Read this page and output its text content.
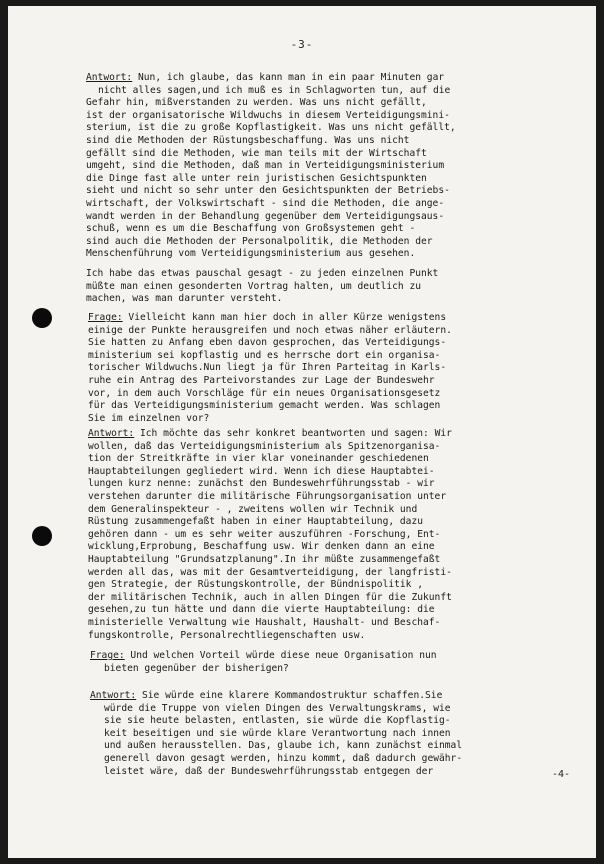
-3-
Antwort: Nun, ich glaube, das kann man in ein paar Minuten gar
nicht alles sagen,und ich muß es in Schlagworten tun, auf die
Gefahr hin, mißverstanden zu werden. Was uns nicht gefällt,
ist der organisatorische Wildwuchs in diesem Verteidigungsmini-
sterium, ist die zu große Kopflastigkeit. Was uns nicht gefällt,
sind die Methoden der Rüstungsbeschaffung. Was uns nicht
gefällt sind die Methoden, wie man teils mit der Wirtschaft
umgeht, sind die Methoden, daß man in Verteidigungsministerium
die Dinge fast alle unter rein juristischen Gesichtspunkten
sieht und nicht so sehr unter den Gesichtspunkten der Betriebs-
wirtschaft, der Volkswirtschaft - sind die Methoden, die ange-
wandt werden in der Behandlung gegenüber dem Verteidigungsaus-
schuß, wenn es um die Beschaffung von Großsystemen geht -
sind auch die Methoden der Personalpolitik, die Methoden der
Menschenführung vom Verteidigungsministerium aus gesehen.
Ich habe das etwas pauschal gesagt - zu jeden einzelnen Punkt
müßte man einen gesonderten Vortrag halten, um deutlich zu
machen, was man darunter versteht.
Frage: Vielleicht kann man hier doch in aller Kürze wenigstens
einige der Punkte herausgreifen und noch etwas näher erläutern.
Sie hatten zu Anfang eben davon gesprochen, das Verteidigungs-
ministerium sei kopflastig und es herrsche dort ein organisa-
torischer Wildwuchs.Nun liegt ja für Ihren Parteitag in Karls-
ruhe ein Antrag des Parteivorstandes zur Lage der Bundeswehr
vor, in dem auch Vorschläge für ein neues Organisationsgesetz
für das Verteidigungsministerium gemacht werden. Was schlagen
Sie im einzelnen vor?
Antwort: Ich möchte das sehr konkret beantworten und sagen: Wir
wollen, daß das Verteidigungsministerium als Spitzenorganisa-
tion der Streitkräfte in vier klar voneinander geschiedenen
Hauptabteilungen gegliedert wird. Wenn ich diese Hauptabtei-
lungen kurz nenne: zunächst den Bundeswehrführungsstab - wir
verstehen darunter die militärische Führungsorganisation unter
dem Generalinspekteur - , zweitens wollen wir Technik und
Rüstung zusammengefaßt haben in einer Hauptabteilung, dazu
gehören dann - um es sehr weiter auszuführen -Forschung, Ent-
wicklung,Erprobung, Beschaffung usw. Wir denken dann an eine
Hauptabteilung "Grundsatzplanung".In ihr müßte zusammengefaßt
werden all das, was mit der Gesamtverteidigung, der langfristi-
gen Strategie, der Rüstungskontrolle, der Bündnispolitik ,
der militärischen Technik, auch in allen Dingen für die Zukunft
gesehen,zu tun hätte und dann die vierte Hauptabteilung: die
ministerielle Verwaltung wie Haushalt, Haushalt- und Beschaf-
fungskontrolle, Personalrechtliegenschaften usw.
Frage: Und welchen Vorteil würde diese neue Organisation nun
bieten gegenüber der bisherigen?
Antwort: Sie würde eine klarere Kommandostruktur schaffen.Sie
würde die Truppe von vielen Dingen des Verwaltungskrams, wie
sie sie heute belasten, entlasten, sie würde die Kopflastig-
keit beseitigen und sie würde klare Verantwortung nach innen
und außen herausstellen. Das, glaube ich, kann zunächst einmal
generell davon gesagt werden, hinzu kommt, daß dadurch gewähr-
leistet wäre, daß der Bundeswehrführungsstab entgegen der	-4-
